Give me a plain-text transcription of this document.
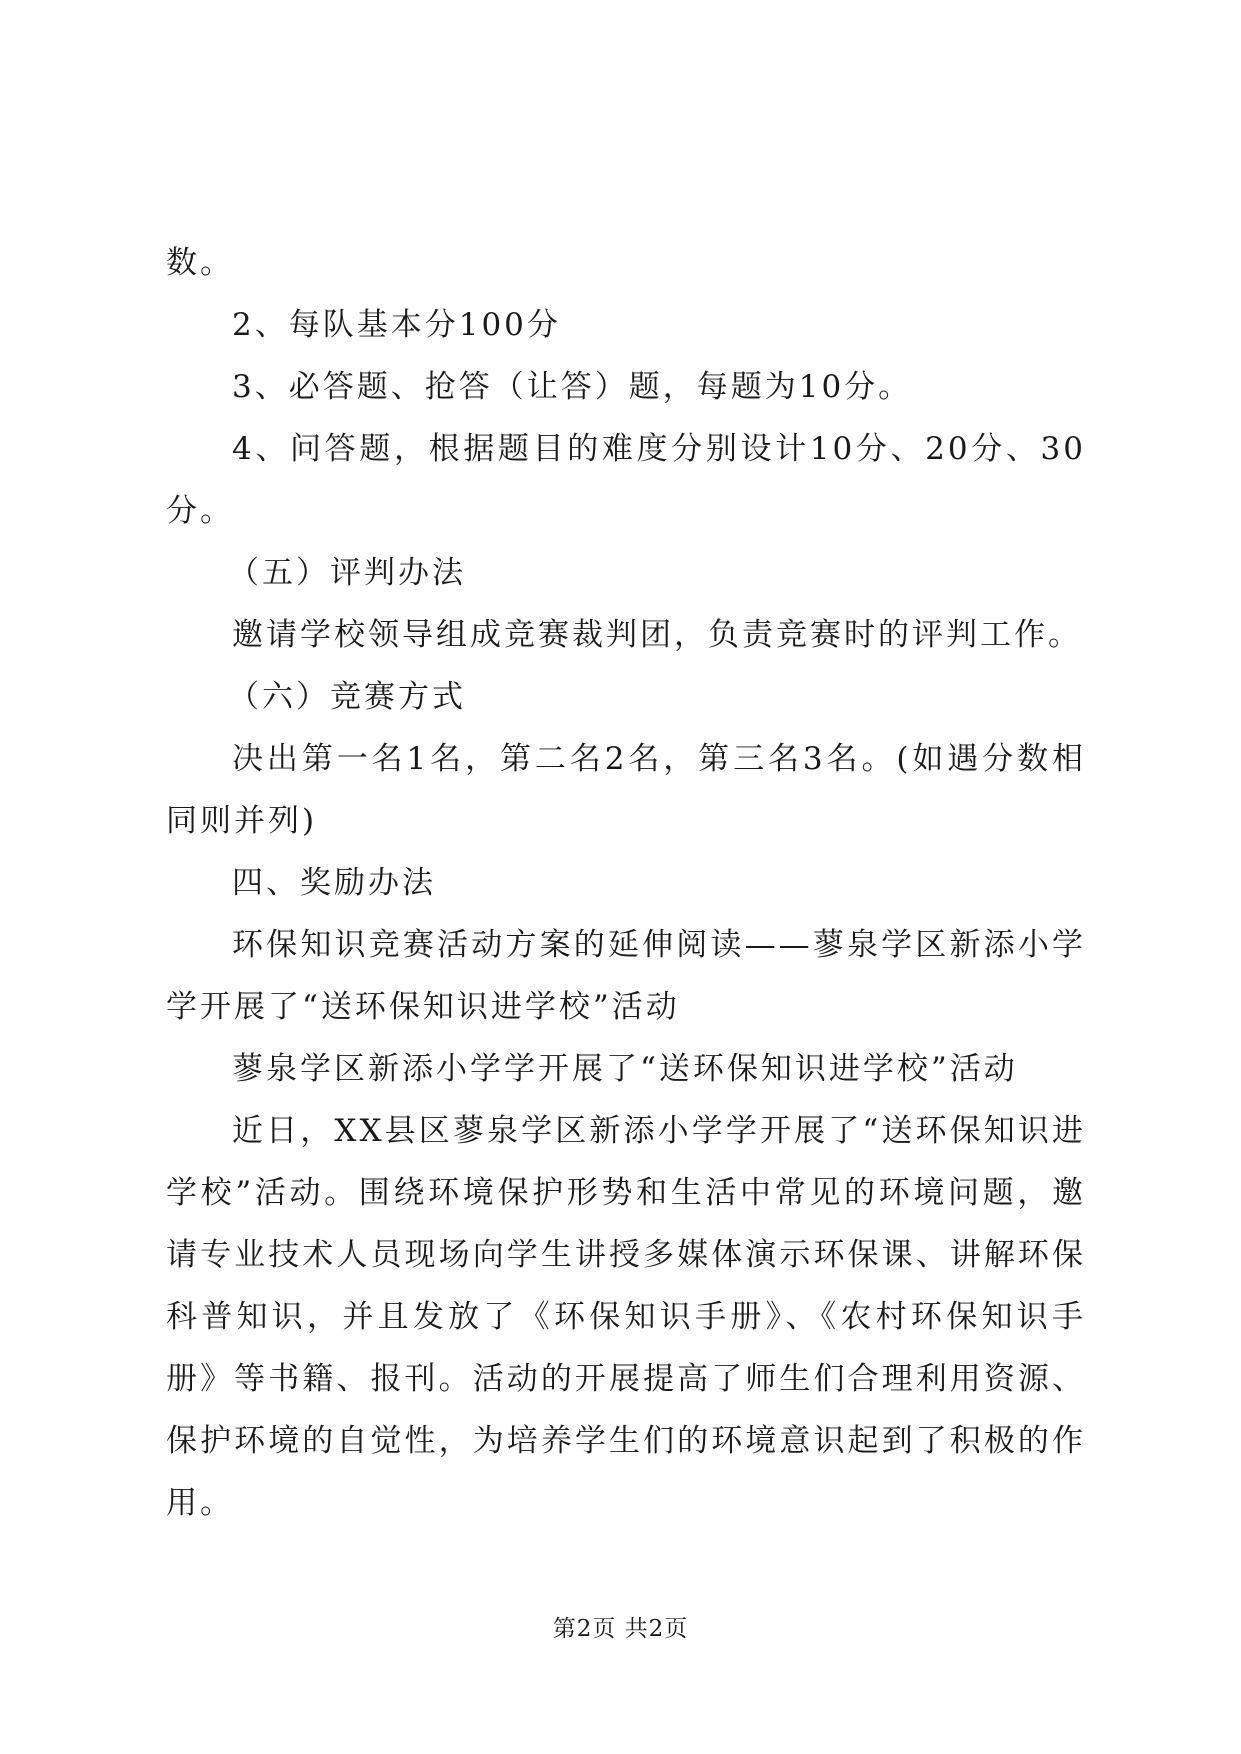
数。

2、每队基本分100分

3、必答题、抢答（让答）题，每题为10分。

4、问答题，根据题目的难度分别设计10分、20分、30分。

（五）评判办法

邀请学校领导组成竞赛裁判团，负责竞赛时的评判工作。

（六）竞赛方式

决出第一名1名，第二名2名，第三名3名。(如遇分数相同则并列)

四、奖励办法

环保知识竞赛活动方案的延伸阅读——蓼泉学区新添小学学开展了“送环保知识进学校”活动

蓼泉学区新添小学学开展了“送环保知识进学校”活动

近日，XX县区蓼泉学区新添小学学开展了“送环保知识进学校”活动。围绕环境保护形势和生活中常见的环境问题，邀请专业技术人员现场向学生讲授多媒体演示环保课、讲解环保科普知识，并且发放了《环保知识手册》、《农村环保知识手册》等书籍、报刊。活动的开展提高了师生们合理利用资源、保护环境的自觉性，为培养学生们的环境意识起到了积极的作用。

第2页 共2页
